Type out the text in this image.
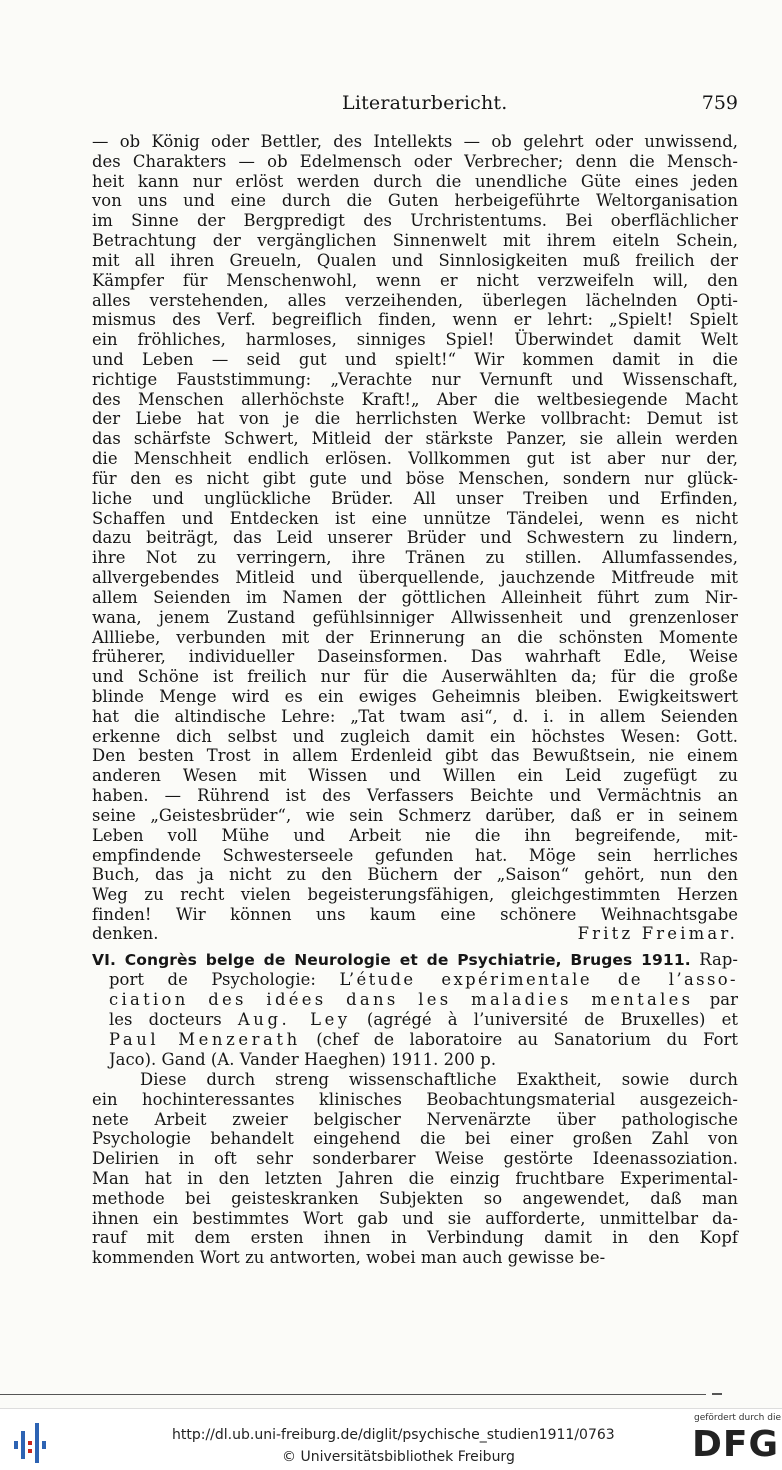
Literaturbericht.	759
— ob König oder Bettler, des Intellekts — ob gelehrt oder unwissend,
des Charakters — ob Edelmensch oder Verbrecher; denn die Mensch-
heit kann nur erlöst werden durch die unendliche Güte eines jeden
von uns und eine durch die Guten herbeigeführte Weltorganisation
im Sinne der Bergpredigt des Urchristentums. Bei oberflächlicher
Betrachtung der vergänglichen Sinnenwelt mit ihrem eiteln Schein,
mit all ihren Greueln, Qualen und Sinnlosigkeiten muß freilich der
Kämpfer für Menschenwohl, wenn er nicht verzweifeln will, den
alles verstehenden, alles verzeihenden, überlegen lächelnden Opti-
mismus des Verf. begreiflich finden, wenn er lehrt: „Spielt! Spielt
ein fröhliches, harmloses, sinniges Spiel! Überwindet damit Welt
und Leben — seid gut und spielt!“ Wir kommen damit in die
richtige Fauststimmung: „Verachte nur Vernunft und Wissenschaft,
des Menschen allerhöchste Kraft!„ Aber die weltbesiegende Macht
der Liebe hat von je die herrlichsten Werke vollbracht: Demut ist
das schärfste Schwert, Mitleid der stärkste Panzer, sie allein werden
die Menschheit endlich erlösen. Vollkommen gut ist aber nur der,
für den es nicht gibt gute und böse Menschen, sondern nur glück-
liche und unglückliche Brüder. All unser Treiben und Erfinden,
Schaffen und Entdecken ist eine unnütze Tändelei, wenn es nicht
dazu beiträgt, das Leid unserer Brüder und Schwestern zu lindern,
ihre Not zu verringern, ihre Tränen zu stillen. Allumfassendes,
allvergebendes Mitleid und überquellende, jauchzende Mitfreude mit
allem Seienden im Namen der göttlichen Alleinheit führt zum Nir-
wana, jenem Zustand gefühlsinniger Allwissenheit und grenzenloser
Allliebe, verbunden mit der Erinnerung an die schönsten Momente
früherer, individueller Daseinsformen. Das wahrhaft Edle, Weise
und Schöne ist freilich nur für die Auserwählten da; für die große
blinde Menge wird es ein ewiges Geheimnis bleiben. Ewigkeitswert
hat die altindische Lehre: „Tat twam asi“, d. i. in allem Seienden
erkenne dich selbst und zugleich damit ein höchstes Wesen: Gott.
Den besten Trost in allem Erdenleid gibt das Bewußtsein, nie einem
anderen Wesen mit Wissen und Willen ein Leid zugefügt zu
haben. — Rührend ist des Verfassers Beichte und Vermächtnis an
seine „Geistesbrüder“, wie sein Schmerz darüber, daß er in seinem
Leben voll Mühe und Arbeit nie die ihn begreifende, mit-
empfindende Schwesterseele gefunden hat. Möge sein herrliches
Buch, das ja nicht zu den Büchern der „Saison“ gehört, nun den
Weg zu recht vielen begeisterungsfähigen, gleichgestimmten Herzen
finden! Wir können uns kaum eine schönere Weihnachtsgabe
denken.	Fritz Freimar.
VI. Congrès belge de Neurologie et de Psychiatrie, Bruges 1911. Rap-
port de Psychologie: L’étude expérimentale de l’asso-
ciation des idées dans les maladies mentales par
les docteurs Aug. Ley (agrégé à l’université de Bruxelles) et
Paul Menzerath (chef de laboratoire au Sanatorium du Fort
Jaco). Gand (A. Vander Haeghen) 1911. 200 p.
Diese durch streng wissenschaftliche Exaktheit, sowie durch
ein hochinteressantes klinisches Beobachtungsmaterial ausgezeich-
nete Arbeit zweier belgischer Nervenärzte über pathologische
Psychologie behandelt eingehend die bei einer großen Zahl von
Delirien in oft sehr sonderbarer Weise gestörte Ideenassoziation.
Man hat in den letzten Jahren die einzig fruchtbare Experimental-
methode bei geisteskranken Subjekten so angewendet, daß man
ihnen ein bestimmtes Wort gab und sie aufforderte, unmittelbar da-
rauf mit dem ersten ihnen in Verbindung damit in den Kopf
kommenden Wort zu antworten, wobei man auch gewisse be-
http://dl.ub.uni-freiburg.de/diglit/psychische_studien1911/0763
© Universitätsbibliothek Freiburg
gefördert durch die
DFG
